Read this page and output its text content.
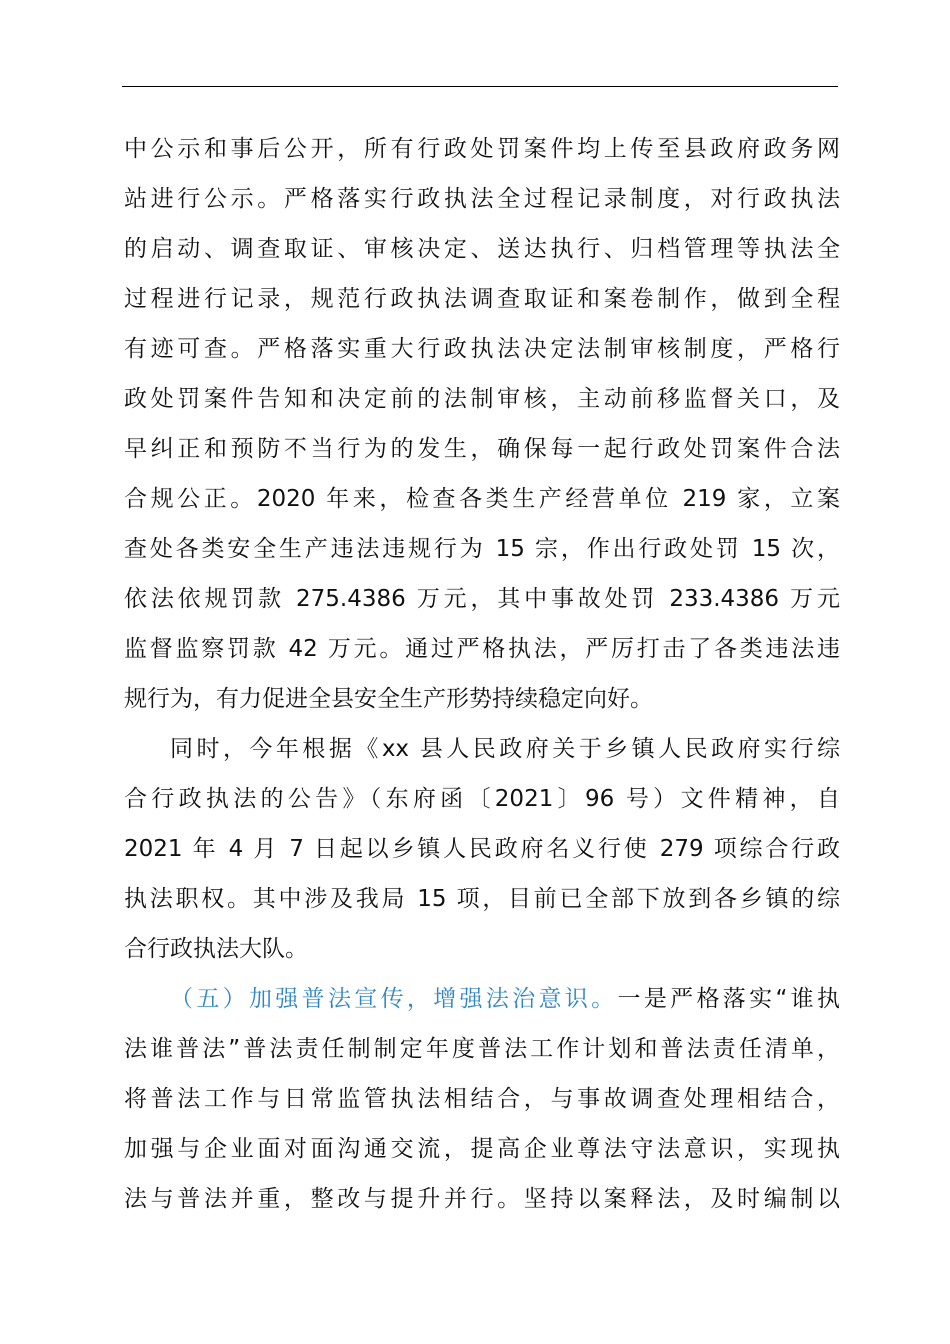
中公示和事后公开，所有行政处罚案件均上传至县政府政务网
站进行公示。严格落实行政执法全过程记录制度，对行政执法
的启动、调查取证、审核决定、送达执行、归档管理等执法全
过程进行记录，规范行政执法调查取证和案卷制作，做到全程
有迹可查。严格落实重大行政执法决定法制审核制度，严格行
政处罚案件告知和决定前的法制审核，主动前移监督关口，及
早纠正和预防不当行为的发生，确保每一起行政处罚案件合法
合规公正。2020 年来，检查各类生产经营单位 219 家，立案
查处各类安全生产违法违规行为 15 宗，作出行政处罚 15 次，
依法依规罚款 275.4386 万元，其中事故处罚 233.4386 万元
监督监察罚款 42 万元。通过严格执法，严厉打击了各类违法违
规行为，有力促进全县安全生产形势持续稳定向好。
同时，今年根据《xx 县人民政府关于乡镇人民政府实行综
合行政执法的公告》（东府函〔2021〕96 号）文件精神，自
2021 年 4 月 7 日起以乡镇人民政府名义行使 279 项综合行政
执法职权。其中涉及我局 15 项，目前已全部下放到各乡镇的综
合行政执法大队。
（五）加强普法宣传，增强法治意识。一是严格落实“谁执
法谁普法”普法责任制制定年度普法工作计划和普法责任清单，
将普法工作与日常监管执法相结合，与事故调查处理相结合，
加强与企业面对面沟通交流，提高企业尊法守法意识，实现执
法与普法并重，整改与提升并行。坚持以案释法，及时编制以
